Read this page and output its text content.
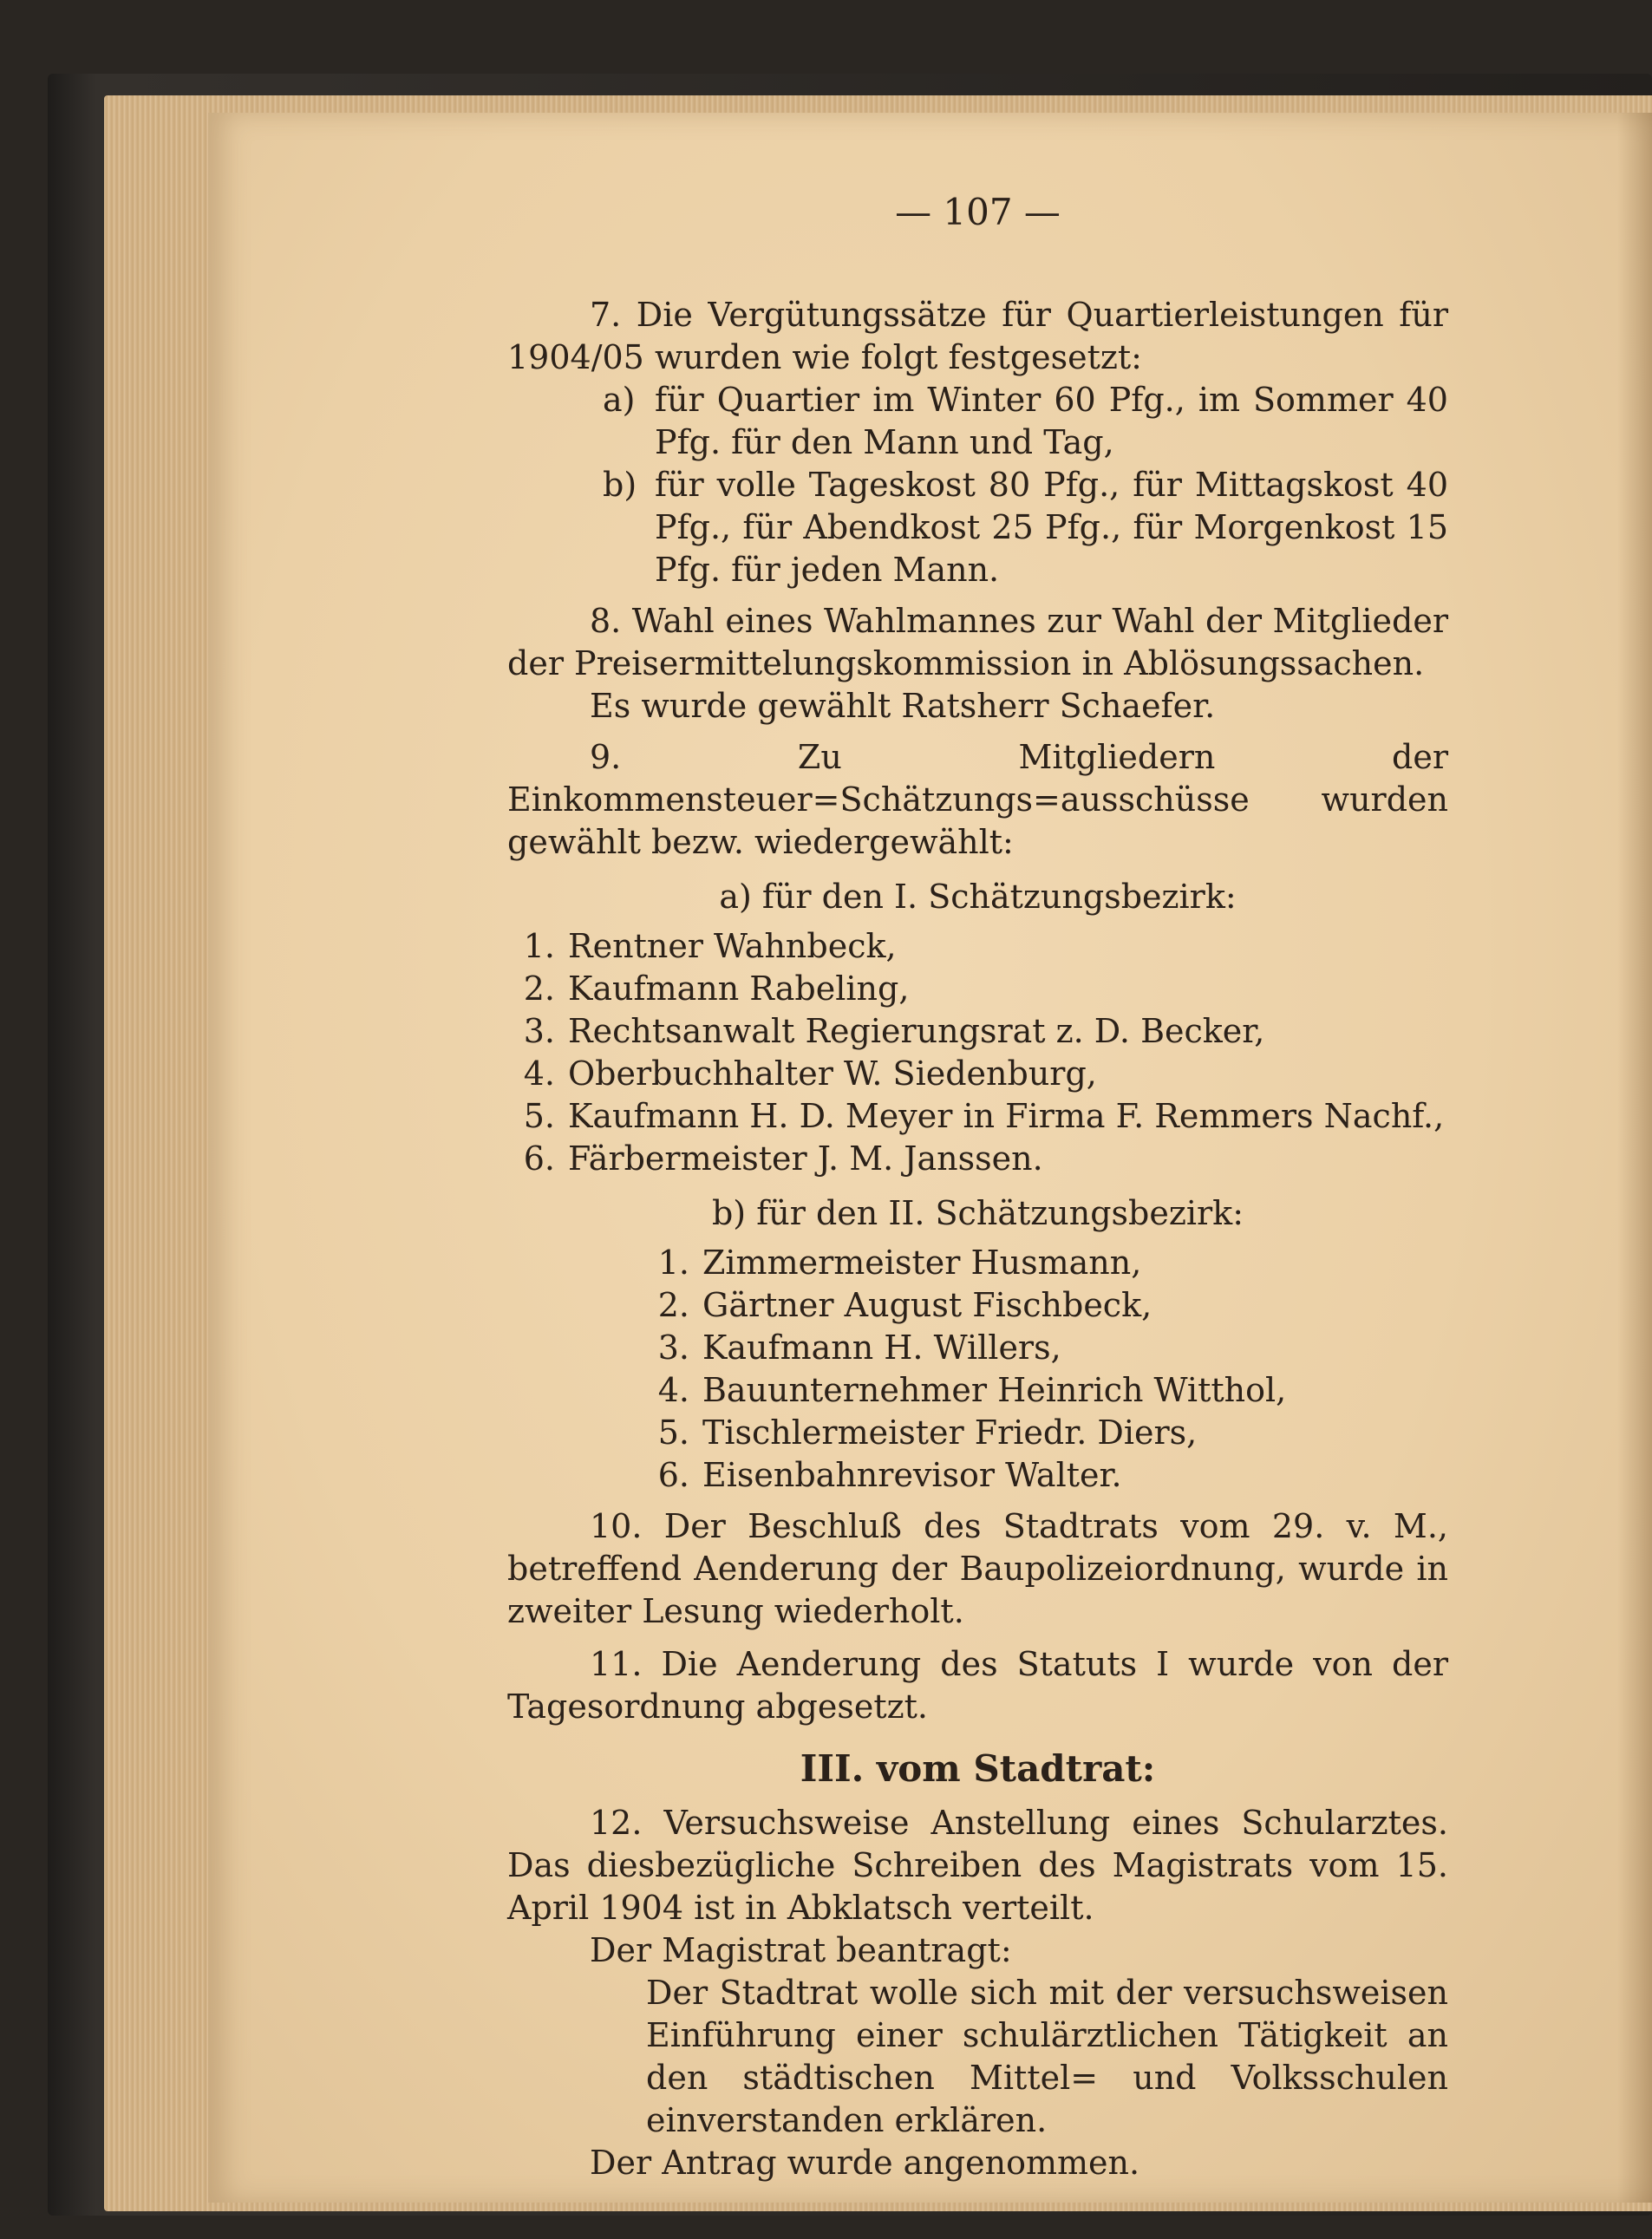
— 107 —

7. Die Vergütungssätze für Quartierleistungen für 1904/05 wurden wie folgt festgesetzt:

a) für Quartier im Winter 60 Pfg., im Sommer 40 Pfg. für den Mann und Tag,
b) für volle Tageskost 80 Pfg., für Mittagskost 40 Pfg., für Abendkost 25 Pfg., für Morgenkost 15 Pfg. für jeden Mann.

8. Wahl eines Wahlmannes zur Wahl der Mitglieder der Preisermittelungskommission in Ablösungssachen.

Es wurde gewählt Ratsherr Schaefer.

9. Zu Mitgliedern der Einkommensteuer=Schätzungs=ausschüsse wurden gewählt bezw. wiedergewählt:

a) für den I. Schätzungsbezirk:

1. Rentner Wahnbeck,
2. Kaufmann Rabeling,
3. Rechtsanwalt Regierungsrat z. D. Becker,
4. Oberbuchhalter W. Siedenburg,
5. Kaufmann H. D. Meyer in Firma F. Remmers Nachf.,
6. Färbermeister J. M. Janssen.

b) für den II. Schätzungsbezirk:

1. Zimmermeister Husmann,
2. Gärtner August Fischbeck,
3. Kaufmann H. Willers,
4. Bauunternehmer Heinrich Witthol,
5. Tischlermeister Friedr. Diers,
6. Eisenbahnrevisor Walter.

10. Der Beschluß des Stadtrats vom 29. v. M., betreffend Aenderung der Baupolizeiordnung, wurde in zweiter Lesung wiederholt.

11. Die Aenderung des Statuts I wurde von der Tagesordnung abgesetzt.

III. vom Stadtrat:

12. Versuchsweise Anstellung eines Schularztes. Das diesbezügliche Schreiben des Magistrats vom 15. April 1904 ist in Abklatsch verteilt.

Der Magistrat beantragt:

Der Stadtrat wolle sich mit der versuchsweisen Einführung einer schulärztlichen Tätigkeit an den städtischen Mittel= und Volksschulen einverstanden erklären.

Der Antrag wurde angenommen.
